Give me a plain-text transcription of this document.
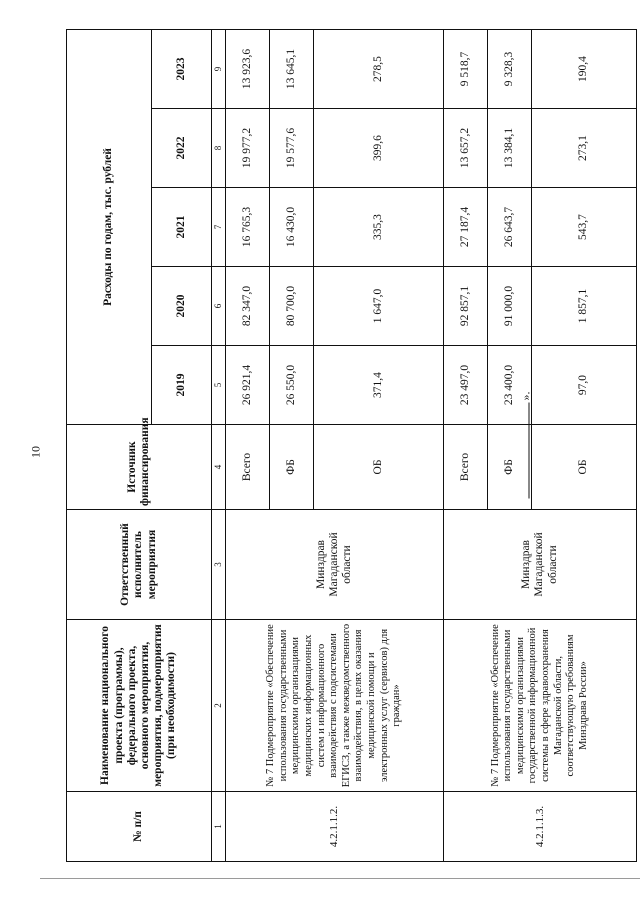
10
№ п/п	Наименование национального проекта (программы), федерального проекта, основного мероприятия, мероприятия, подмероприятия (при необходимости)	Ответственный исполнитель мероприятия	Источник финансирования	Расходы по годам, тыс. рублей				
				2019	2020	2021	2022	2023
1	2	3	4	5	6	7	8	9
4.2.1.1.2.	№ 7 Подмероприятие «Обеспечение использования государственными медицинскими организациями медицинских информационных систем и информационного взаимодействия с подсистемами ЕГИСЗ, а также межведомственного взаимодействия, в целях оказания медицинской помощи и электронных услуг (сервисов) для граждан»	Минздрав Магаданской области	Всего	26 921,4	82 347,0	16 765,3	19 977,2	13 923,6
			ФБ	26 550,0	80 700,0	16 430,0	19 577,6	13 645,1
			ОБ	371,4	1 647,0	335,3	399,6	278,5
4.2.1.1.3.	№ 7 Подмероприятие «Обеспечение использования государственными медицинскими организациями государственной информационной системы в сфере здравоохранения Магаданской области, соответствующую требованиям Минздрава России»	Минздрав Магаданской области	Всего	23 497,0	92 857,1	27 187,4	13 657,2	9 518,7
			ФБ	23 400,0	91 000,0	26 643,7	13 384,1	9 328,3
			ОБ	97,0	1 857,1	543,7	273,1	190,4
».
